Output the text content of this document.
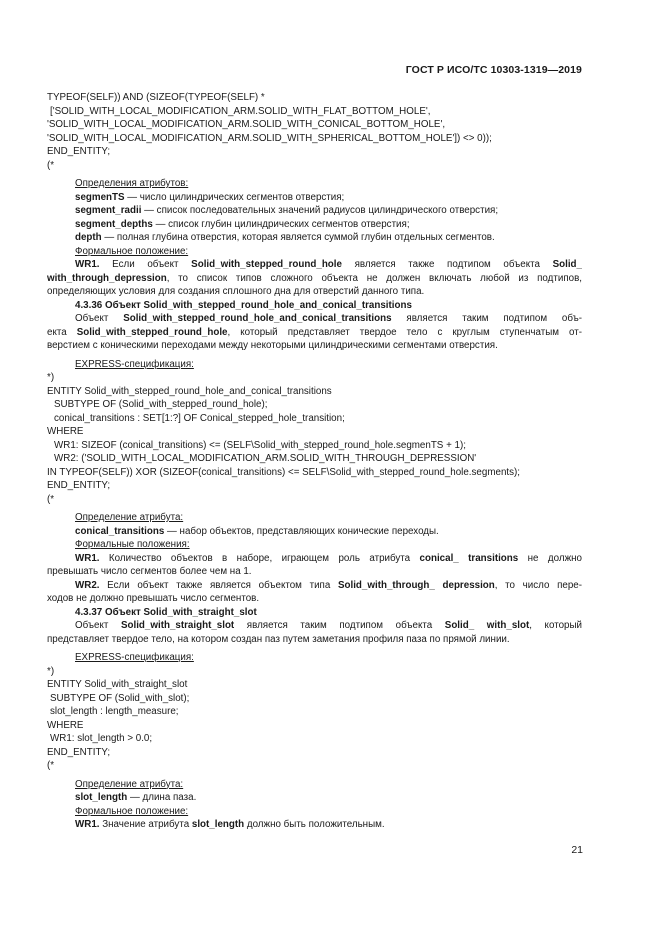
ГОСТ Р ИСО/ТС 10303-1319—2019
TYPEOF(SELF)) AND (SIZEOF(TYPEOF(SELF) *
['SOLID_WITH_LOCAL_MODIFICATION_ARM.SOLID_WITH_FLAT_BOTTOM_HOLE',
'SOLID_WITH_LOCAL_MODIFICATION_ARM.SOLID_WITH_CONICAL_BOTTOM_HOLE',
'SOLID_WITH_LOCAL_MODIFICATION_ARM.SOLID_WITH_SPHERICAL_BOTTOM_HOLE']) <> 0));
END_ENTITY;
(*
Определения атрибутов:
segmenTS — число цилиндрических сегментов отверстия;
segment_radii — список последовательных значений радиусов цилиндрического отверстия;
segment_depths — список глубин цилиндрических сегментов отверстия;
depth — полная глубина отверстия, которая является суммой глубин отдельных сегментов.
Формальное положение:
WR1. Если объект Solid_with_stepped_round_hole является также подтипом объекта Solid_
with_through_depression, то список типов сложного объекта не должен включать любой из подтипов,
определяющих условия для создания сплошного дна для отверстий данного типа.
4.3.36 Объект Solid_with_stepped_round_hole_and_conical_transitions
Объект Solid_with_stepped_round_hole_and_conical_transitions является таким подтипом объ-
екта Solid_with_stepped_round_hole, который представляет твердое тело с круглым ступенчатым от-
верстием с коническими переходами между некоторыми цилиндрическими сегментами отверстия.
EXPRESS-спецификация:
*)
ENTITY Solid_with_stepped_round_hole_and_conical_transitions
SUBTYPE OF (Solid_with_stepped_round_hole);
conical_transitions : SET[1:?] OF Conical_stepped_hole_transition;
WHERE
WR1: SIZEOF (conical_transitions) <= (SELF\Solid_with_stepped_round_hole.segmenTS + 1);
WR2: ('SOLID_WITH_LOCAL_MODIFICATION_ARM.SOLID_WITH_THROUGH_DEPRESSION'
IN TYPEOF(SELF)) XOR (SIZEOF(conical_transitions) <= SELF\Solid_with_stepped_round_hole.segments);
END_ENTITY;
(*
Определение атрибута:
conical_transitions — набор объектов, представляющих конические переходы.
Формальные положения:
WR1. Количество объектов в наборе, играющем роль атрибута conical_ transitions не должно
превышать число сегментов более чем на 1.
WR2. Если объект также является объектом типа Solid_with_through_ depression, то число пере-
ходов не должно превышать число сегментов.
4.3.37 Объект Solid_with_straight_slot
Объект Solid_with_straight_slot является таким подтипом объекта Solid_ with_slot, который
представляет твердое тело, на котором создан паз путем заметания профиля паза по прямой линии.
EXPRESS-спецификация:
*)
ENTITY Solid_with_straight_slot
SUBTYPE OF (Solid_with_slot);
slot_length : length_measure;
WHERE
WR1: slot_length > 0.0;
END_ENTITY;
(*
Определение атрибута:
slot_length — длина паза.
Формальное положение:
WR1. Значение атрибута slot_length должно быть положительным.
21
